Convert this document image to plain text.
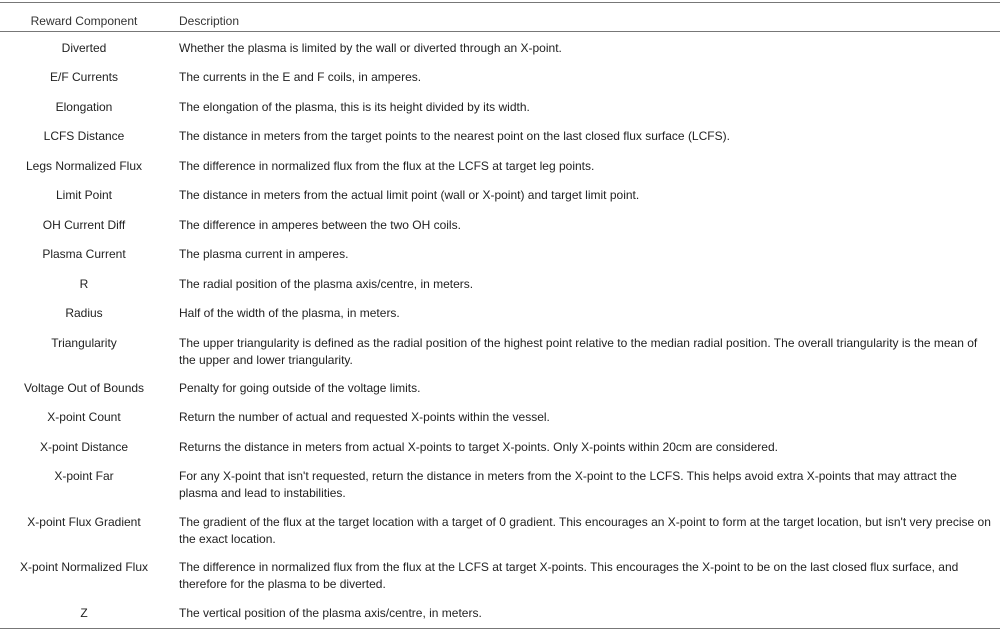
Reward Component	Description
Diverted	Whether the plasma is limited by the wall or diverted through an X-point.
E/F Currents	The currents in the E and F coils, in amperes.
Elongation	The elongation of the plasma, this is its height divided by its width.
LCFS Distance	The distance in meters from the target points to the nearest point on the last closed flux surface (LCFS).
Legs Normalized Flux	The difference in normalized flux from the flux at the LCFS at target leg points.
Limit Point	The distance in meters from the actual limit point (wall or X-point) and target limit point.
OH Current Diff	The difference in amperes between the two OH coils.
Plasma Current	The plasma current in amperes.
R	The radial position of the plasma axis/centre, in meters.
Radius	Half of the width of the plasma, in meters.
Triangularity	The upper triangularity is defined as the radial position of the highest point relative to the median radial position. The overall triangularity is the mean of the upper and lower triangularity.
Voltage Out of Bounds	Penalty for going outside of the voltage limits.
X-point Count	Return the number of actual and requested X-points within the vessel.
X-point Distance	Returns the distance in meters from actual X-points to target X-points. Only X-points within 20cm are considered.
X-point Far	For any X-point that isn't requested, return the distance in meters from the X-point to the LCFS. This helps avoid extra X-points that may attract the plasma and lead to instabilities.
X-point Flux Gradient	The gradient of the flux at the target location with a target of 0 gradient. This encourages an X-point to form at the target location, but isn't very precise on the exact location.
X-point Normalized Flux	The difference in normalized flux from the flux at the LCFS at target X-points. This encourages the X-point to be on the last closed flux surface, and therefore for the plasma to be diverted.
Z	The vertical position of the plasma axis/centre, in meters.
